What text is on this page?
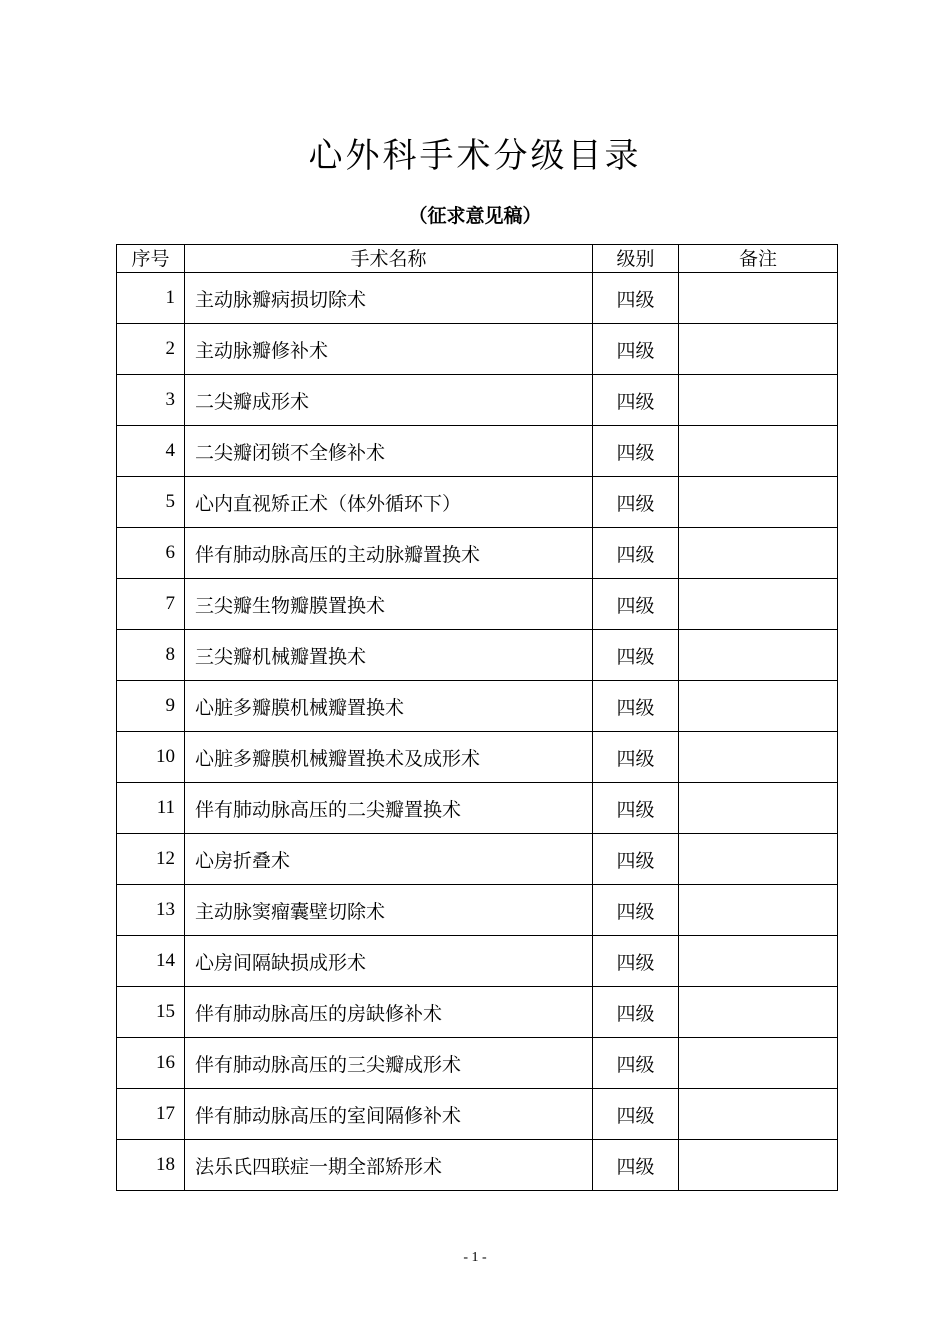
心外科手术分级目录
（征求意见稿）
序号	手术名称	级别	备注
1	主动脉瓣病损切除术	四级	
2	主动脉瓣修补术	四级	
3	二尖瓣成形术	四级	
4	二尖瓣闭锁不全修补术	四级	
5	心内直视矫正术（体外循环下）	四级	
6	伴有肺动脉高压的主动脉瓣置换术	四级	
7	三尖瓣生物瓣膜置换术	四级	
8	三尖瓣机械瓣置换术	四级	
9	心脏多瓣膜机械瓣置换术	四级	
10	心脏多瓣膜机械瓣置换术及成形术	四级	
11	伴有肺动脉高压的二尖瓣置换术	四级	
12	心房折叠术	四级	
13	主动脉窦瘤囊壁切除术	四级	
14	心房间隔缺损成形术	四级	
15	伴有肺动脉高压的房缺修补术	四级	
16	伴有肺动脉高压的三尖瓣成形术	四级	
17	伴有肺动脉高压的室间隔修补术	四级	
18	法乐氏四联症一期全部矫形术	四级	
- 1 -
